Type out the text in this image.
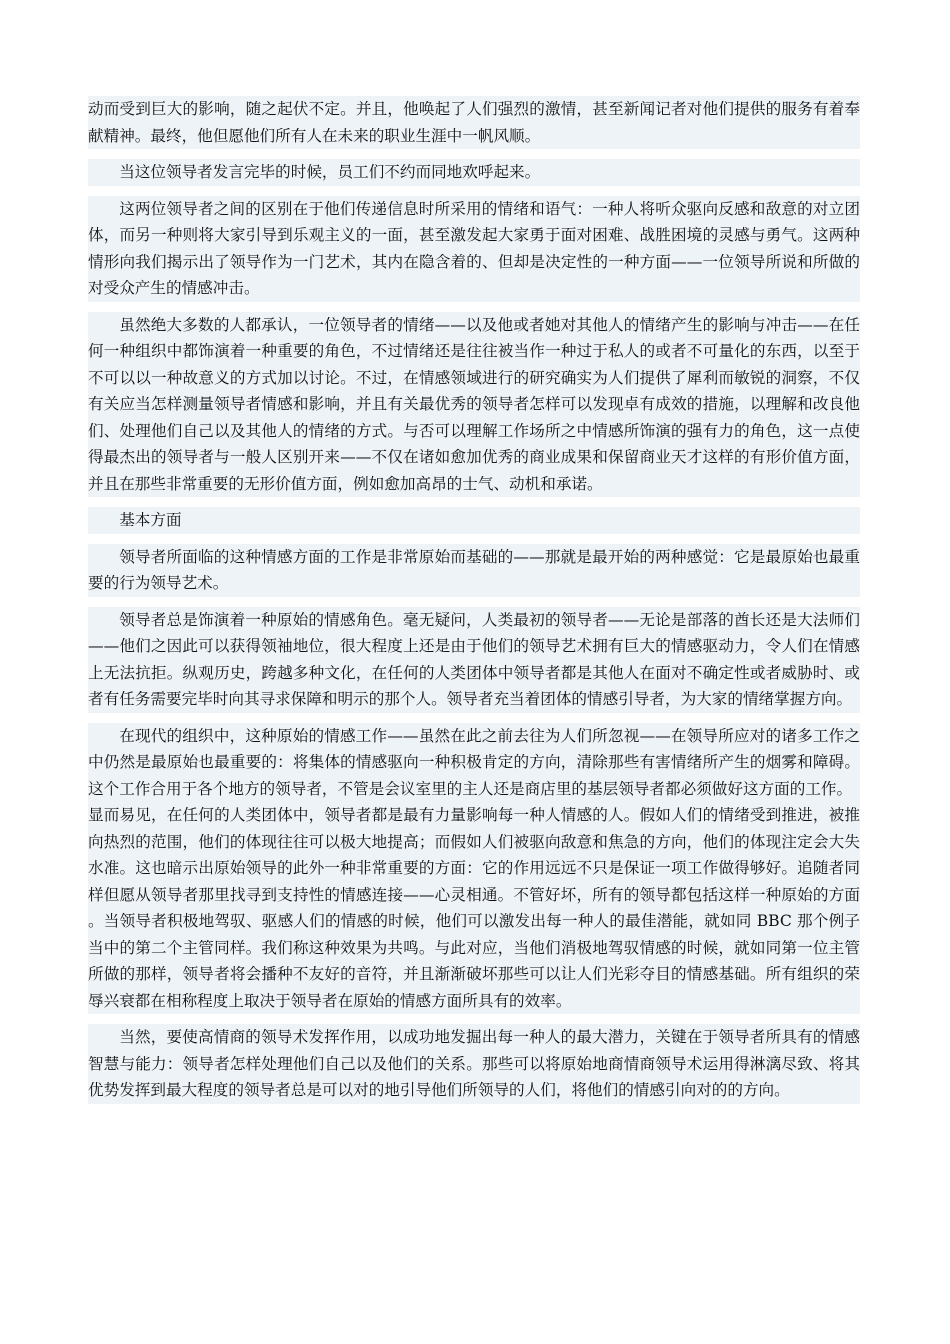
动而受到巨大的影响，随之起伏不定。并且，他唤起了人们强烈的激情，甚至新闻记者对他们提供的服务有着奉献精神。最终，他但愿他们所有人在未来的职业生涯中一帆风顺。

当这位领导者发言完毕的时候，员工们不约而同地欢呼起来。

这两位领导者之间的区别在于他们传递信息时所采用的情绪和语气：一种人将听众驱向反感和敌意的对立团体，而另一种则将大家引导到乐观主义的一面，甚至激发起大家勇于面对困难、战胜困境的灵感与勇气。这两种情形向我们揭示出了领导作为一门艺术，其内在隐含着的、但却是决定性的一种方面——一位领导所说和所做的对受众产生的情感冲击。

虽然绝大多数的人都承认，一位领导者的情绪——以及他或者她对其他人的情绪产生的影响与冲击——在任何一种组织中都饰演着一种重要的角色，不过情绪还是往往被当作一种过于私人的或者不可量化的东西，以至于不可以以一种故意义的方式加以讨论。不过，在情感领域进行的研究确实为人们提供了犀利而敏锐的洞察，不仅有关应当怎样测量领导者情感和影响，并且有关最优秀的领导者怎样可以发现卓有成效的措施，以理解和改良他们、处理他们自己以及其他人的情绪的方式。与否可以理解工作场所之中情感所饰演的强有力的角色，这一点使得最杰出的领导者与一般人区别开来——不仅在诸如愈加优秀的商业成果和保留商业天才这样的有形价值方面，并且在那些非常重要的无形价值方面，例如愈加高昂的士气、动机和承诺。

基本方面

领导者所面临的这种情感方面的工作是非常原始而基础的——那就是最开始的两种感觉：它是最原始也最重要的行为领导艺术。

领导者总是饰演着一种原始的情感角色。毫无疑问，人类最初的领导者——无论是部落的酋长还是大法师们——他们之因此可以获得领袖地位，很大程度上还是由于他们的领导艺术拥有巨大的情感驱动力，令人们在情感上无法抗拒。纵观历史，跨越多种文化，在任何的人类团体中领导者都是其他人在面对不确定性或者威胁时、或者有任务需要完毕时向其寻求保障和明示的那个人。领导者充当着团体的情感引导者，为大家的情绪掌握方向。

在现代的组织中，这种原始的情感工作——虽然在此之前去往为人们所忽视——在领导所应对的诸多工作之中仍然是最原始也最重要的：将集体的情感驱向一种积极肯定的方向，清除那些有害情绪所产生的烟雾和障碍。这个工作合用于各个地方的领导者，不管是会议室里的主人还是商店里的基层领导者都必须做好这方面的工作。

显而易见，在任何的人类团体中，领导者都是最有力量影响每一种人情感的人。假如人们的情绪受到推进，被推向热烈的范围，他们的体现往往可以极大地提高；而假如人们被驱向敌意和焦急的方向，他们的体现注定会大失水准。这也暗示出原始领导的此外一种非常重要的方面：它的作用远远不只是保证一项工作做得够好。追随者同样但愿从领导者那里找寻到支持性的情感连接——心灵相通。不管好坏，所有的领导都包括这样一种原始的方面。当领导者积极地驾驭、驱感人们的情感的时候，他们可以激发出每一种人的最佳潜能，就如同 BBC 那个例子当中的第二个主管同样。我们称这种效果为共鸣。与此对应，当他们消极地驾驭情感的时候，就如同第一位主管所做的那样，领导者将会播种不友好的音符，并且渐渐破坏那些可以让人们光彩夺目的情感基础。所有组织的荣辱兴衰都在相称程度上取决于领导者在原始的情感方面所具有的效率。

当然，要使高情商的领导术发挥作用，以成功地发掘出每一种人的最大潜力，关键在于领导者所具有的情感智慧与能力：领导者怎样处理他们自己以及他们的关系。那些可以将原始地商情商领导术运用得淋漓尽致、将其优势发挥到最大程度的领导者总是可以对的地引导他们所领导的人们，将他们的情感引向对的的方向。
